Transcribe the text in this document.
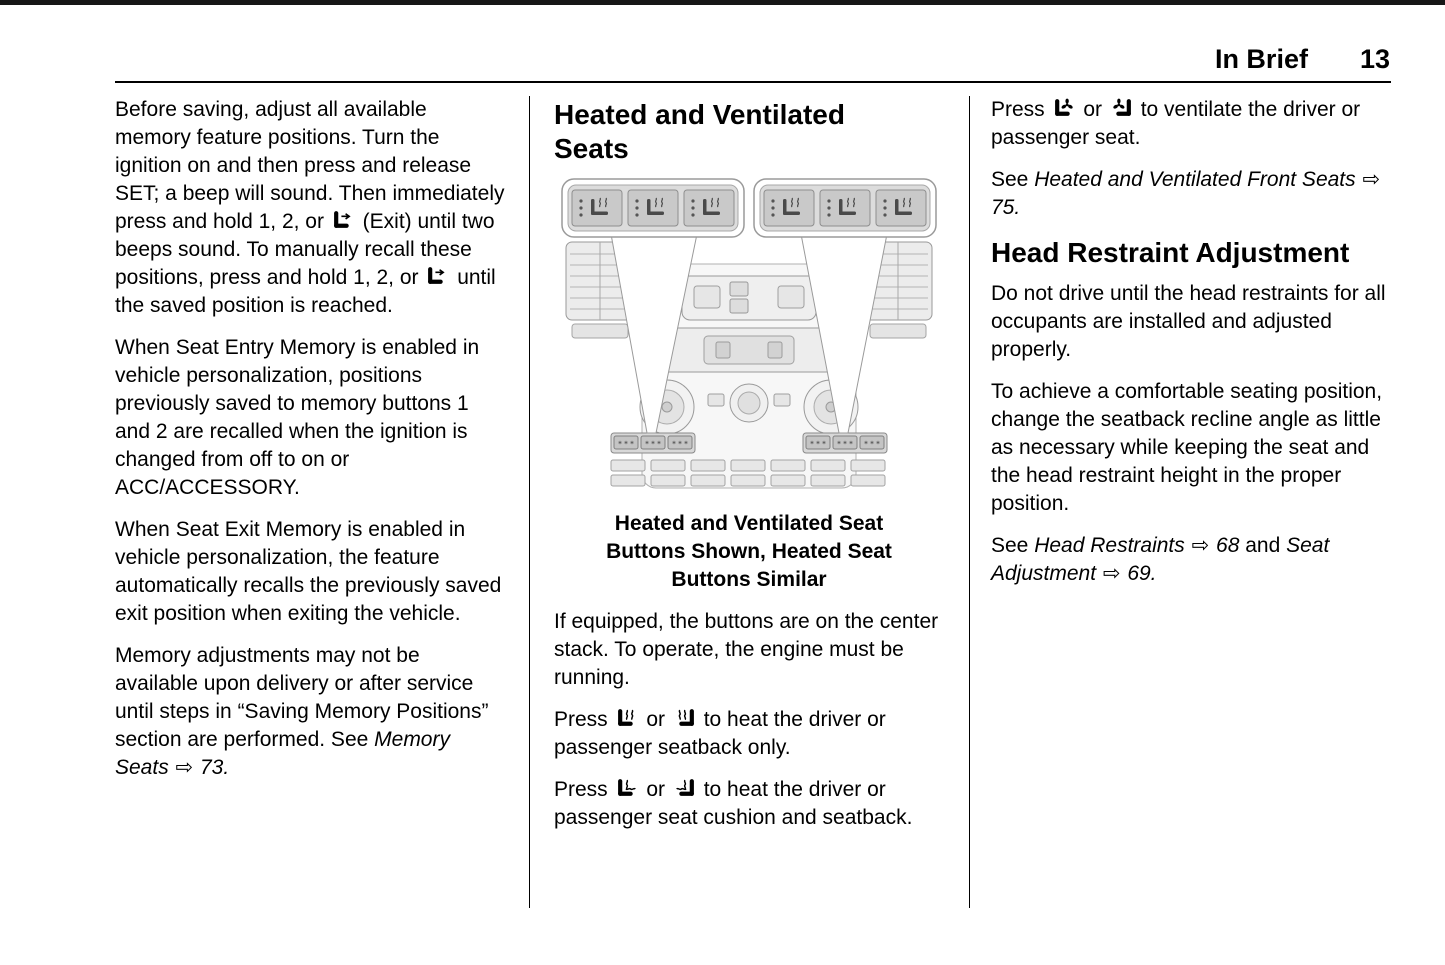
In Brief 13

Before saving, adjust all available memory feature positions. Turn the ignition on and then press and release SET; a beep will sound. Then immediately press and hold 1, 2, or
(Exit) until two beeps sound. To manually recall these positions, press and hold 1, 2, or
until the saved position is reached.

When Seat Entry Memory is enabled in vehicle personalization, positions previously saved to memory buttons 1 and 2 are recalled when the ignition is changed from off to on or ACC/ACCESSORY.

When Seat Exit Memory is enabled in vehicle personalization, the feature automatically recalls the previously saved exit position when exiting the vehicle.

Memory adjustments may not be available upon delivery or after service until steps in “Saving Memory Positions” section are performed. See Memory Seats ⇨ 73.

Heated and Ventilated Seats
Heated and Ventilated Seat Buttons Shown, Heated Seat Buttons Similar

If equipped, the buttons are on the center stack. To operate, the engine must be running.

Press
or
to heat the driver or passenger seatback only.

Press
or
to heat the driver or passenger seat cushion and seatback.

Press
or
to ventilate the driver or passenger seat.

See Heated and Ventilated Front Seats ⇨ 75.

Head Restraint Adjustment

Do not drive until the head restraints for all occupants are installed and adjusted properly.

To achieve a comfortable seating position, change the seatback recline angle as little as necessary while keeping the seat and the head restraint height in the proper position.

See Head Restraints ⇨ 68 and Seat Adjustment ⇨ 69.
